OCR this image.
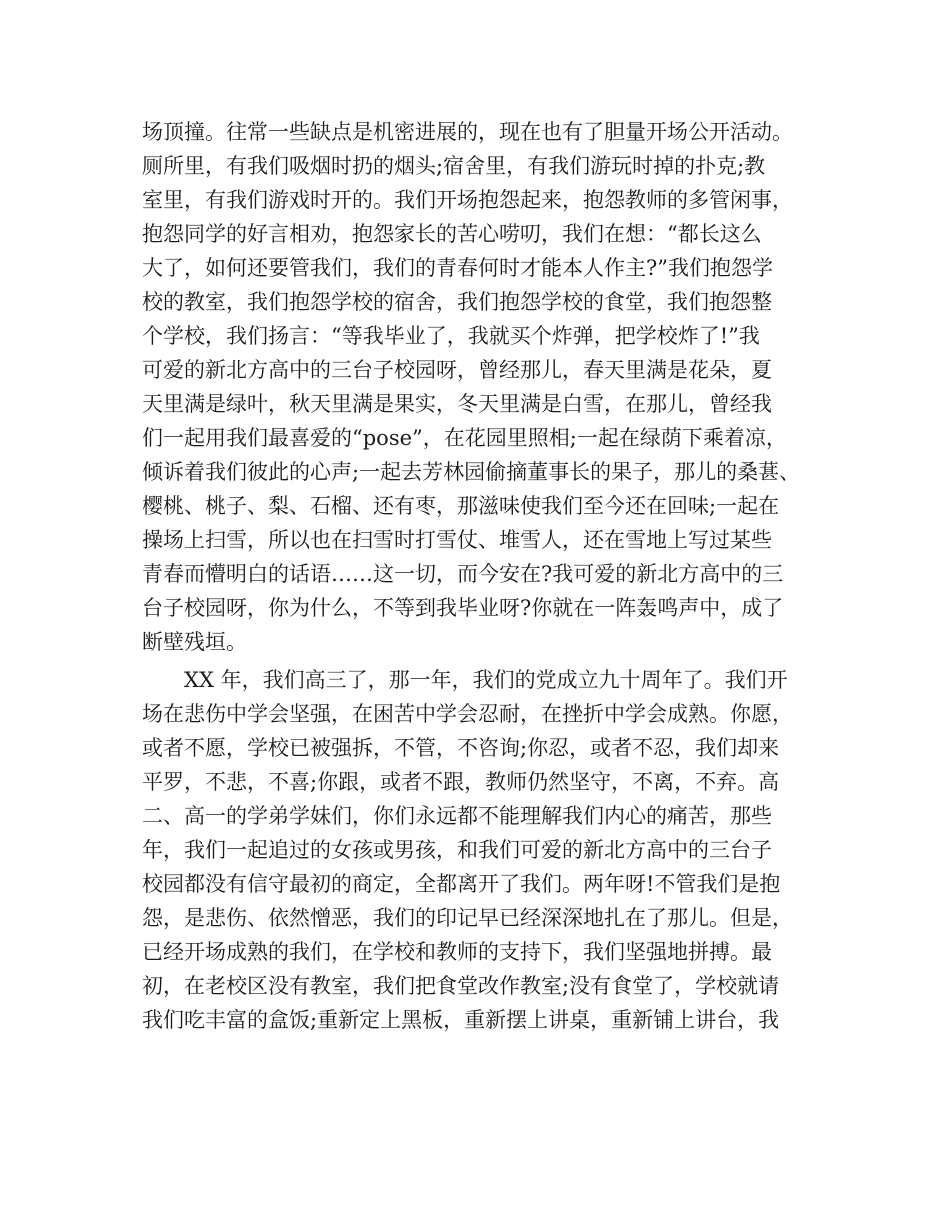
场顶撞。往常一些缺点是机密进展的，现在也有了胆量开场公开活动。
厕所里，有我们吸烟时扔的烟头;宿舍里，有我们游玩时掉的扑克;教
室里，有我们游戏时开的。我们开场抱怨起来，抱怨教师的多管闲事，
抱怨同学的好言相劝，抱怨家长的苦心唠叨，我们在想：“都长这么
大了，如何还要管我们，我们的青春何时才能本人作主?”我们抱怨学
校的教室，我们抱怨学校的宿舍，我们抱怨学校的食堂，我们抱怨整
个学校，我们扬言：“等我毕业了，我就买个炸弹，把学校炸了!”我
可爱的新北方高中的三台子校园呀，曾经那儿，春天里满是花朵，夏
天里满是绿叶，秋天里满是果实，冬天里满是白雪，在那儿，曾经我
们一起用我们最喜爱的“pose”，在花园里照相;一起在绿荫下乘着凉，
倾诉着我们彼此的心声;一起去芳林园偷摘董事长的果子，那儿的桑葚、
樱桃、桃子、梨、石榴、还有枣，那滋味使我们至今还在回味;一起在
操场上扫雪，所以也在扫雪时打雪仗、堆雪人，还在雪地上写过某些
青春而懵明白的话语……这一切，而今安在?我可爱的新北方高中的三
台子校园呀，你为什么，不等到我毕业呀?你就在一阵轰鸣声中，成了
断壁残垣。
XX 年，我们高三了，那一年，我们的党成立九十周年了。我们开
场在悲伤中学会坚强，在困苦中学会忍耐，在挫折中学会成熟。你愿，
或者不愿，学校已被强拆，不管，不咨询;你忍，或者不忍，我们却来
平罗，不悲，不喜;你跟，或者不跟，教师仍然坚守，不离，不弃。高
二、高一的学弟学妹们，你们永远都不能理解我们内心的痛苦，那些
年，我们一起追过的女孩或男孩，和我们可爱的新北方高中的三台子
校园都没有信守最初的商定，全都离开了我们。两年呀!不管我们是抱
怨，是悲伤、依然憎恶，我们的印记早已经深深地扎在了那儿。但是，
已经开场成熟的我们，在学校和教师的支持下，我们坚强地拼搏。最
初，在老校区没有教室，我们把食堂改作教室;没有食堂了，学校就请
我们吃丰富的盒饭;重新定上黑板，重新摆上讲桌，重新铺上讲台，我
